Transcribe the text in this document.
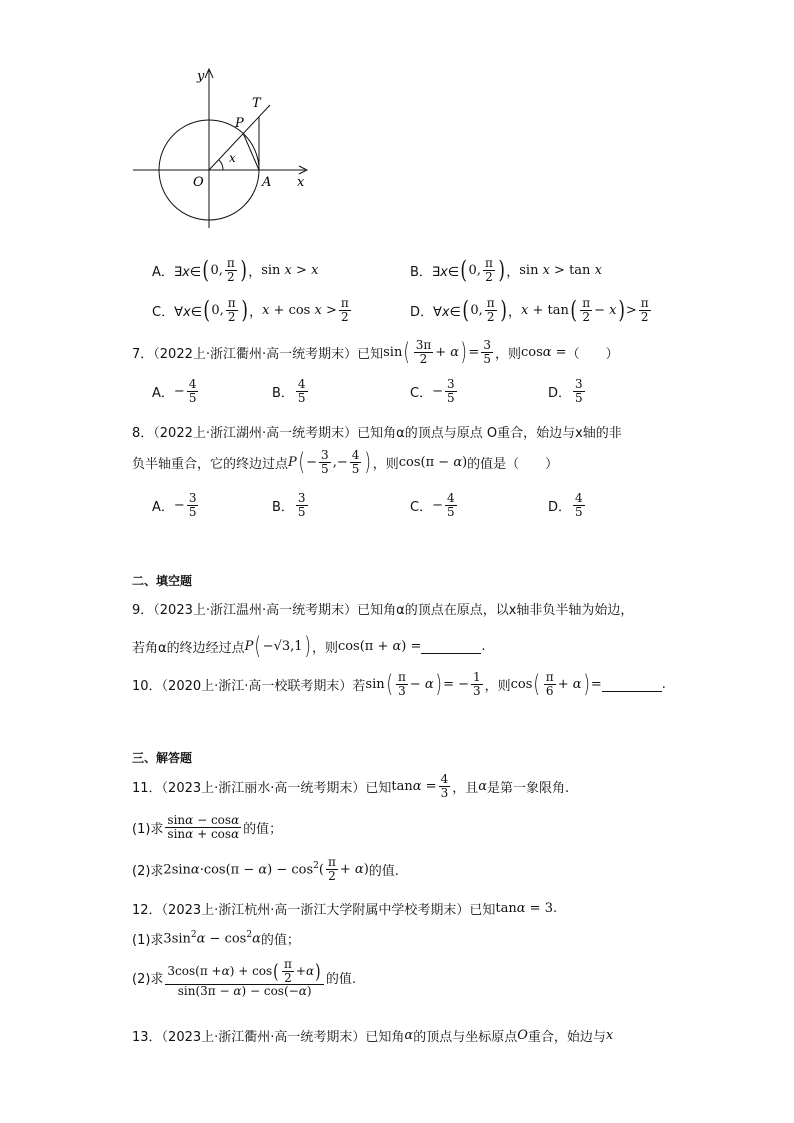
y
x
T
P
O	A
x
A．∃x∈ ( 0, $\frac{\pi}{2}$ ) ， sin x > x	B．∃x∈ ( 0, $\frac{\pi}{2}$ ) ， sin x > tan x
C．∀x∈ ( 0, $\frac{\pi}{2}$ ) ， $x + \cos x > \frac{\pi}{2}$	D．∀x∈ ( 0, $\frac{\pi}{2}$ ) ， x + tan ( $\frac{\pi}{2} - x$ ) > $\frac{\pi}{2}$
7．（2022上·浙江衢州·高一统考期末）已知 sin ( $\frac{3\pi}{2} + \alpha$ ) = $\frac{3}{5}$ ，则 cosα = （　　）
A． − $\frac{4}{5}$	B． $\frac{4}{5}$	C． − $\frac{3}{5}$	D． $\frac{3}{5}$
8．（2022上·浙江湖州·高一统考期末）已知角α的顶点与原点 O重合，始边与x轴的非
负半轴重合，它的终边过点 P ( − $\frac{3}{5}$ ,− $\frac{4}{5}$ ) ，则 cos(π − α) 的值是（　　）
A． − $\frac{3}{5}$	B． $\frac{3}{5}$	C． − $\frac{4}{5}$	D． $\frac{4}{5}$
二、填空题
9．（2023上·浙江温州·高一统考期末）已知角α的顶点在原点，以x轴非负半轴为始边，
若角α的终边经过点 P ( −√3,1 ) ，则 cos(π + α) =	.
10．（2020上·浙江·高一校联考期末）若 sin ( $\frac{\pi}{3} - \alpha$ ) = − $\frac{1}{3}$ ，则 cos ( $\frac{\pi}{6} + \alpha$ ) =	.
三、解答题
11．（2023上·浙江丽水·高一统考期末）已知 $\tan\alpha = \frac{4}{3}$ ，且 α 是第一象限角.
(1)求 $\frac{\sin\alpha - \cos\alpha}{\sin\alpha + \cos\alpha}$ 的值；
(2)求 $2\sin\alpha\cdot\cos(\pi - \alpha) - \cos^2( \frac{\pi}{2} + \alpha)$ 的值.
12．（2023上·浙江杭州·高一浙江大学附属中学校考期末）已知 tanα = 3 .
(1)求 $3\sin^2\alpha - \cos^2\alpha$ 的值；
(2)求 $\frac{3\cos(\pi + \alpha ) + \cos ( \frac{\pi}{2} + \alpha )}{\sin(3\pi - \alpha) - \cos(-\alpha)}$ 的值.
13．（2023上·浙江衢州·高一统考期末）已知角 α 的顶点与坐标原点 O 重合，始边与 x
